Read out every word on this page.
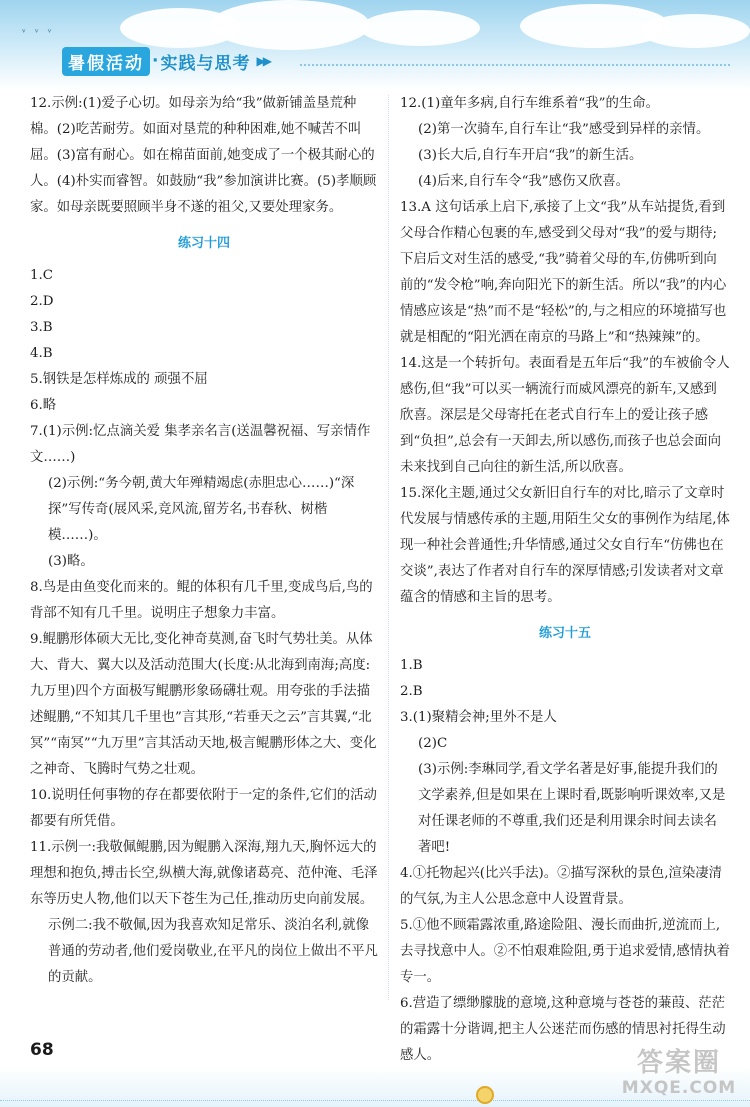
ᵛ ᵛ ᵛ
暑假活动 · 实践与思考 ▶▶

12.示例:(1)爱子心切。如母亲为给“我”做新铺盖垦荒种棉。(2)吃苦耐劳。如面对垦荒的种种困难,她不喊苦不叫屈。(3)富有耐心。如在棉苗面前,她变成了一个极其耐心的人。(4)朴实而睿智。如鼓励“我”参加演讲比赛。(5)孝顺顾家。如母亲既要照顾半身不遂的祖父,又要处理家务。

练习十四

1.C

2.D

3.B

4.B

5.钢铁是怎样炼成的 顽强不屈

6.略

7.(1)示例:忆点滴关爱 集孝亲名言(送温馨祝福、写亲情作文……)

(2)示例:“务今朝,黄大年殚精竭虑(赤胆忠心……)“深探”写传奇(展风采,竞风流,留芳名,书春秋、树楷模……)。

(3)略。

8.鸟是由鱼变化而来的。鲲的体积有几千里,变成鸟后,鸟的背部不知有几千里。说明庄子想象力丰富。

9.鲲鹏形体硕大无比,变化神奇莫测,奋飞时气势壮美。从体大、背大、翼大以及活动范围大(长度:从北海到南海;高度:九万里)四个方面极写鲲鹏形象砀礴壮观。用夸张的手法描述鲲鹏,“不知其几千里也”言其形,“若垂天之云”言其翼,“北冥”“南冥”“九万里”言其活动天地,极言鲲鹏形体之大、变化之神奇、飞腾时气势之壮观。

10.说明任何事物的存在都要依附于一定的条件,它们的活动都要有所凭借。

11.示例一:我敬佩鲲鹏,因为鲲鹏入深海,翔九天,胸怀远大的理想和抱负,搏击长空,纵横大海,就像诸葛亮、范仲淹、毛泽东等历史人物,他们以天下苍生为己任,推动历史向前发展。

示例二:我不敬佩,因为我喜欢知足常乐、淡泊名利,就像普通的劳动者,他们爱岗敬业,在平凡的岗位上做出不平凡的贡献。

12.(1)童年多病,自行车维系着“我”的生命。

(2)第一次骑车,自行车让“我”感受到异样的亲情。

(3)长大后,自行车开启“我”的新生活。

(4)后来,自行车令“我”感伤又欣喜。

13.A 这句话承上启下,承接了上文“我”从车站提货,看到父母合作精心包裹的车,感受到父母对“我”的爱与期待;下启后文对生活的感受,“我”骑着父母的车,仿佛听到向前的“发令枪”响,奔向阳光下的新生活。所以“我”的内心情感应该是“热”而不是“轻松”的,与之相应的环境描写也就是相配的“阳光洒在南京的马路上”和“热辣辣”的。

14.这是一个转折句。表面看是五年后“我”的车被偷令人感伤,但“我”可以买一辆流行而威风漂亮的新车,又感到欣喜。深层是父母寄托在老式自行车上的爱让孩子感到“负担”,总会有一天卸去,所以感伤,而孩子也总会面向未来找到自己向往的新生活,所以欣喜。

15.深化主题,通过父女新旧自行车的对比,暗示了文章时代发展与情感传承的主题,用陌生父女的事例作为结尾,体现一种社会普通性;升华情感,通过父女自行车“仿佛也在交谈”,表达了作者对自行车的深厚情感;引发读者对文章蕴含的情感和主旨的思考。

练习十五

1.B

2.B

3.(1)聚精会神;里外不是人

(2)C

(3)示例:李琳同学,看文学名著是好事,能提升我们的文学素养,但是如果在上课时看,既影响听课效率,又是对任课老师的不尊重,我们还是利用课余时间去读名著吧!

4.①托物起兴(比兴手法)。②描写深秋的景色,渲染凄清的气氛,为主人公思念意中人设置背景。

5.①他不顾霜露浓重,路途险阻、漫长而曲折,逆流而上,去寻找意中人。②不怕艰难险阻,勇于追求爱情,感情执着专一。

6.营造了缥缈朦胧的意境,这种意境与苍苍的蒹葭、茫茫的霜露十分谐调,把主人公迷茫而伤感的情思衬托得生动感人。

68	答案圈
MXQE.COM
